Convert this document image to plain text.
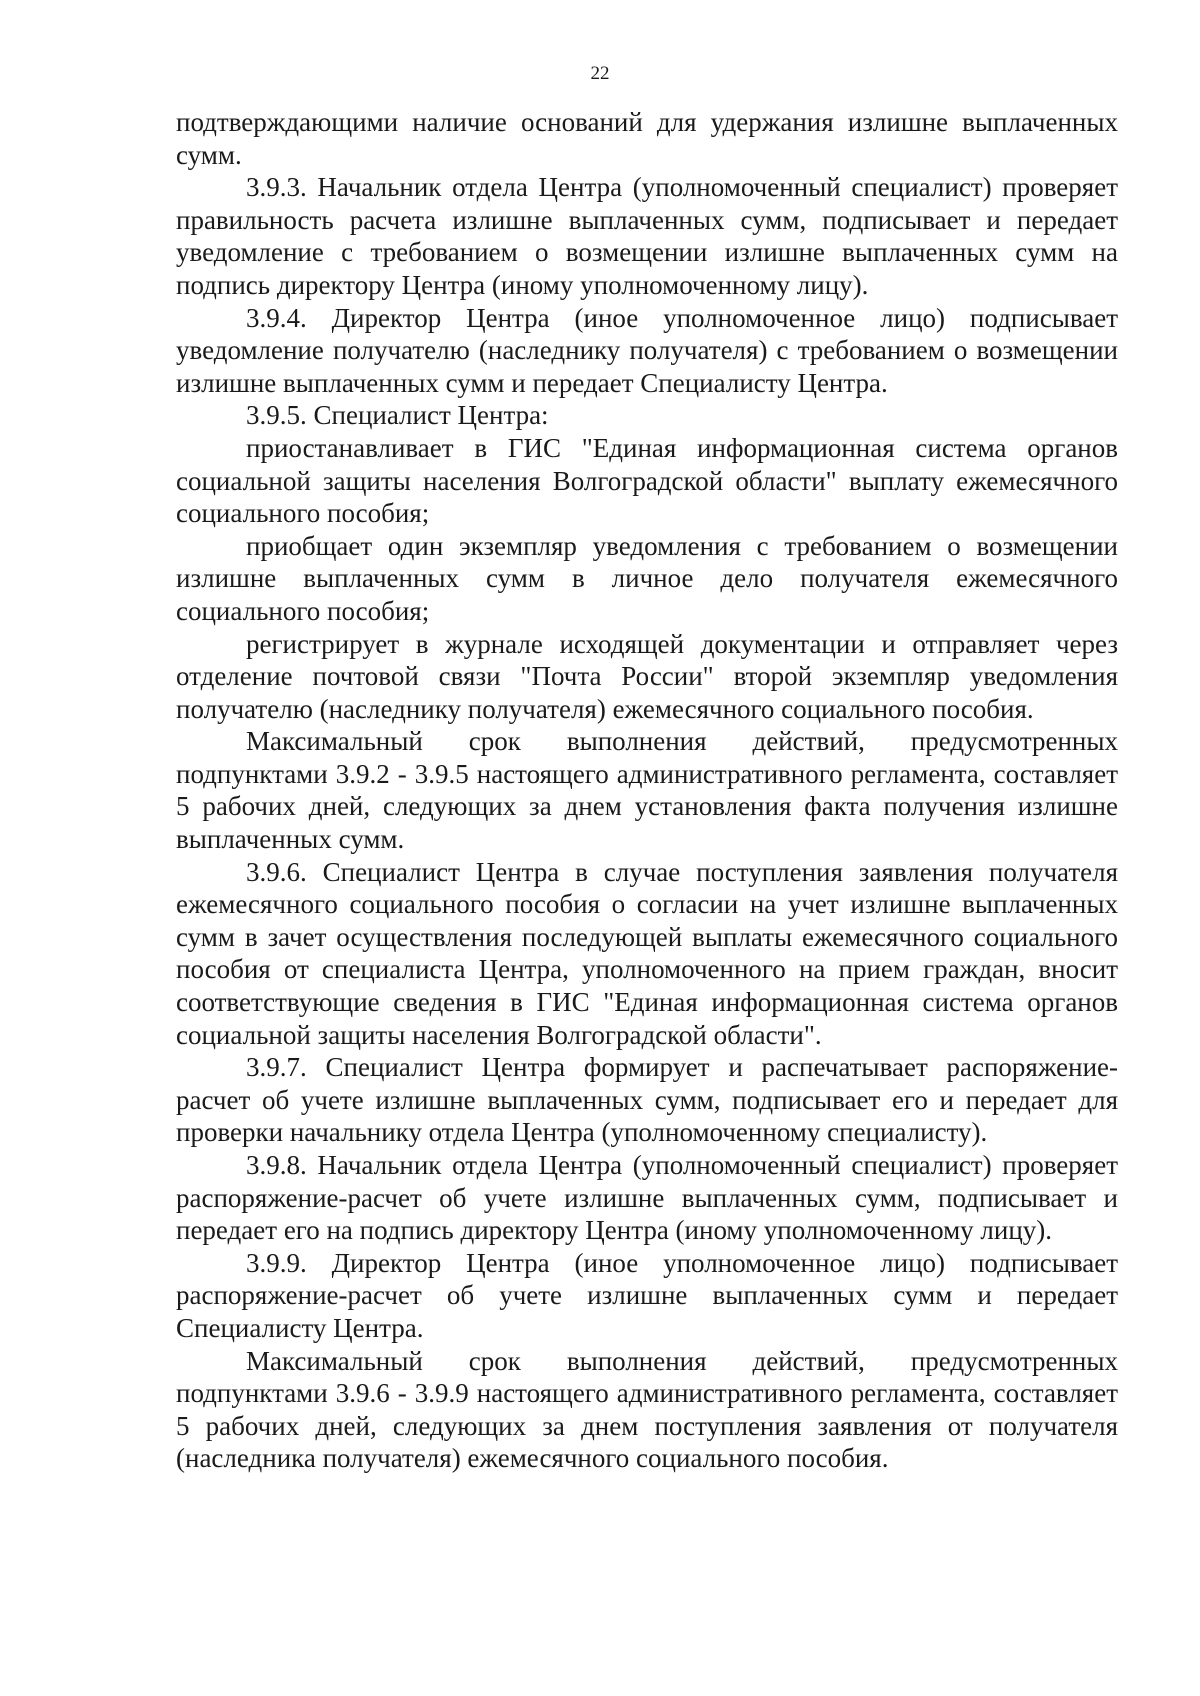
22

подтверждающими наличие оснований для удержания излишне выплаченных сумм.

3.9.3. Начальник отдела Центра (уполномоченный специалист) проверяет правильность расчета излишне выплаченных сумм, подписывает и передает уведомление с требованием о возмещении излишне выплаченных сумм на подпись директору Центра (иному уполномоченному лицу).

3.9.4. Директор Центра (иное уполномоченное лицо) подписывает уведомление получателю (наследнику получателя) с требованием о возмещении излишне выплаченных сумм и передает Специалисту Центра.

3.9.5. Специалист Центра:

приостанавливает в ГИС "Единая информационная система органов социальной защиты населения Волгоградской области" выплату ежемесячного социального пособия;

приобщает один экземпляр уведомления с требованием о возмещении излишне выплаченных сумм в личное дело получателя ежемесячного социального пособия;

регистрирует в журнале исходящей документации и отправляет через отделение почтовой связи "Почта России" второй экземпляр уведомления получателю (наследнику получателя) ежемесячного социального пособия.

Максимальный срок выполнения действий, предусмотренных подпунктами 3.9.2 - 3.9.5 настоящего административного регламента, составляет 5 рабочих дней, следующих за днем установления факта получения излишне выплаченных сумм.

3.9.6. Специалист Центра в случае поступления заявления получателя ежемесячного социального пособия о согласии на учет излишне выплаченных сумм в зачет осуществления последующей выплаты ежемесячного социального пособия от специалиста Центра, уполномоченного на прием граждан, вносит соответствующие сведения в ГИС "Единая информационная система органов социальной защиты населения Волгоградской области".

3.9.7. Специалист Центра формирует и распечатывает распоряжение-расчет об учете излишне выплаченных сумм, подписывает его и передает для проверки начальнику отдела Центра (уполномоченному специалисту).

3.9.8. Начальник отдела Центра (уполномоченный специалист) проверяет распоряжение-расчет об учете излишне выплаченных сумм, подписывает и передает его на подпись директору Центра (иному уполномоченному лицу).

3.9.9. Директор Центра (иное уполномоченное лицо) подписывает распоряжение-расчет об учете излишне выплаченных сумм и передает Специалисту Центра.

Максимальный срок выполнения действий, предусмотренных подпунктами 3.9.6 - 3.9.9 настоящего административного регламента, составляет 5 рабочих дней, следующих за днем поступления заявления от получателя (наследника получателя) ежемесячного социального пособия.
